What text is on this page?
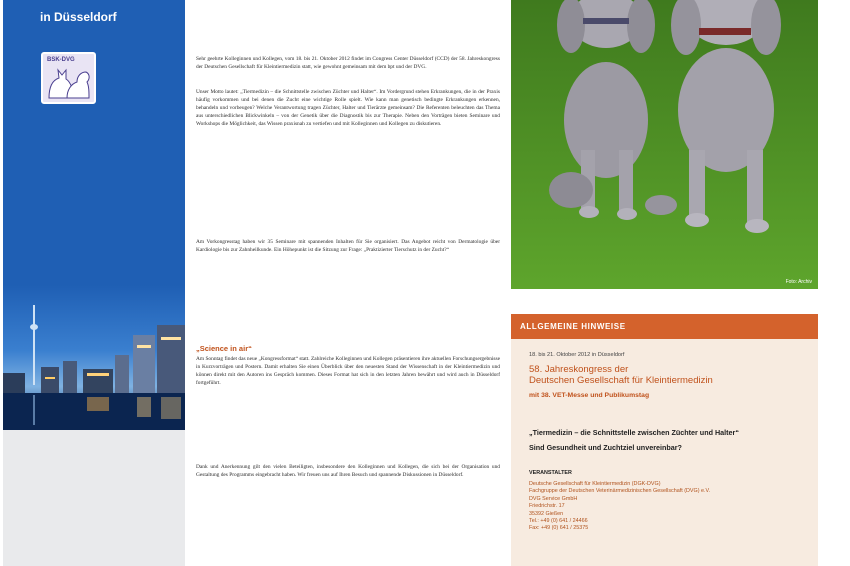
in Düsseldorf
BSK-DVG	Sehr geehrte Kolleginnen und Kollegen, vom 18. bis 21. Oktober 2012 findet im Congress Center Düsseldorf (CCD) der 58. Jahreskongress der Deutschen Gesellschaft für Kleintiermedizin statt, wie gewohnt gemeinsam mit dem bpt und der DVG.

Unser Motto lautet: „Tiermedizin – die Schnittstelle zwischen Züchter und Halter“. Im Vordergrund stehen Erkrankungen, die in der Praxis häufig vorkommen und bei denen die Zucht eine wichtige Rolle spielt. Wie kann man genetisch bedingte Erkrankungen erkennen, behandeln und vorbeugen? Welche Verantwortung tragen Züchter, Halter und Tierärzte gemeinsam? Die Referenten beleuchten das Thema aus unterschiedlichen Blickwinkeln – von der Genetik über die Diagnostik bis zur Therapie. Neben den Vorträgen bieten Seminare und Workshops die Möglichkeit, das Wissen praxisnah zu vertiefen und mit Kolleginnen und Kollegen zu diskutieren.

Am Vorkongresstag haben wir 35 Seminare mit spannenden Inhalten für Sie organisiert. Das Angebot reicht von Dermatologie über Kardiologie bis zur Zahnheilkunde. Ein Höhepunkt ist die Sitzung zur Frage: „Praktizierter Tierschutz in der Zucht?“

„Science in air“

Am Sonntag findet das neue „Kongressformat“ statt. Zahlreiche Kolleginnen und Kollegen präsentieren ihre aktuellen Forschungsergebnisse in Kurzvorträgen und Postern. Damit erhalten Sie einen Überblick über den neuesten Stand der Wissenschaft in der Kleintiermedizin und können direkt mit den Autoren ins Gespräch kommen. Dieses Format hat sich in den letzten Jahren bewährt und wird auch in Düsseldorf fortgeführt.

Dank und Anerkennung gilt den vielen Beteiligten, insbesondere den Kolleginnen und Kollegen, die sich bei der Organisation und Gestaltung des Programms eingebracht haben. Wir freuen uns auf Ihren Besuch und spannende Diskussionen in Düsseldorf.

Foto: Archiv
ALLGEMEINE HINWEISE
18. bis 21. Oktober 2012 in Düsseldorf
58. Jahreskongress der
Deutschen Gesellschaft für Kleintiermedizin
mit 38. VET-Messe und Publikumstag
„Tiermedizin – die Schnittstelle zwischen Züchter und Halter“
Sind Gesundheit und Zuchtziel unvereinbar?
VERANSTALTER
Deutsche Gesellschaft für Kleintiermedizin (DGK-DVG)
Fachgruppe der Deutschen Veterinärmedizinischen Gesellschaft (DVG) e.V.
DVG Service GmbH
Friedrichstr. 17
35392 Gießen
Tel.: +49 (0) 641 / 24466
Fax: +49 (0) 641 / 25375
